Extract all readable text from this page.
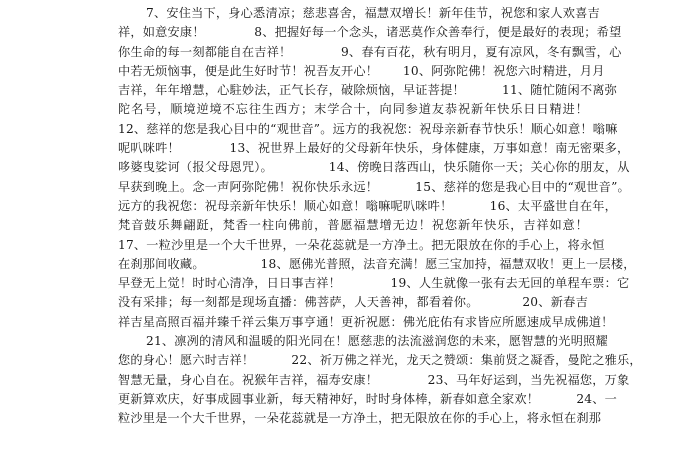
7、安住当下，身心悉清凉；慈悲喜舍，福慧双增长！新年佳节，祝您和家人欢喜吉
祥，如意安康！　　　　8、把握好每一个念头，诸恶莫作众善奉行，便是最好的表现；希望
你生命的每一刻都能自在吉祥！　　　　9、春有百花，秋有明月，夏有凉风，冬有飘雪，心
中若无烦恼事，便是此生好时节！祝吾友开心！　　10、阿弥陀佛！祝您六时精进，月月
吉祥，年年增慧，心駐妙法，正气长存，破除烦恼，早证菩提！　　　11、随忙随闲不离弥
陀名号，顺境逆境不忘往生西方；末学合十，向同参道友恭祝新年快乐日日精进！
12、慈祥的您是我心目中的“观世音”。远方的我祝您：祝母亲新春节快乐！顺心如意！嗡嘛
呢叭咪吽！　　　　13、祝世界上最好的父母新年快乐，身体健康，万事如意！南无密栗多，
哆婆曳娑诃（报父母恩咒）。　　　　　14、傍晚日落西山，快乐随你一天；关心你的朋友，从
早获到晚上。念一声阿弥陀佛！祝你快乐永远！　　　15、慈祥的您是我心目中的“观世音”。
远方的我祝您：祝母亲新年快乐！顺心如意！嗡嘛呢叭咪吽！　　　16、太平盛世自在年，
梵音鼓乐舞翩跹，梵香一柱向佛前，普愿福慧增无边！祝您新年快乐，吉祥如意！
17、一粒沙里是一个大千世界，一朵花蕊就是一方净土。把无限放在你的手心上，将永恒
在刹那间收藏。　　　　　18、愿佛光普照，法音充满！愿三宝加持，福慧双收！更上一层楼，
早登无上觉！时时心清净，日日事吉祥！　　　　19、人生就像一张有去无回的单程车票：它
没有采排；每一刻都是现场直播：佛菩萨，人天善神，都看着你。　　　　20、新春吉
祥吉星高照百福并臻千祥云集万事亨通！更祈祝愿：佛光庇佑有求皆应所愿速成早成佛道！
21、凛冽的清风和温暖的阳光同在！愿慈悲的法流滋润您的未来，愿智慧的光明照耀
您的身心！愿六时吉祥！　　　22、祈万佛之祥光，龙天之赞颂：集前贤之凝香，曼陀之雅乐，
智慧无量，身心自在。祝猴年吉祥，福寿安康！　　　　23、马年好运到，当先祝福您，万象
更新算欢庆，好事成圆事业新，每天精神好，时时身体棒，新春如意全家欢！　　　24、一
粒沙里是一个大千世界，一朵花蕊就是一方净土，把无限放在你的手心上，将永恒在刹那
